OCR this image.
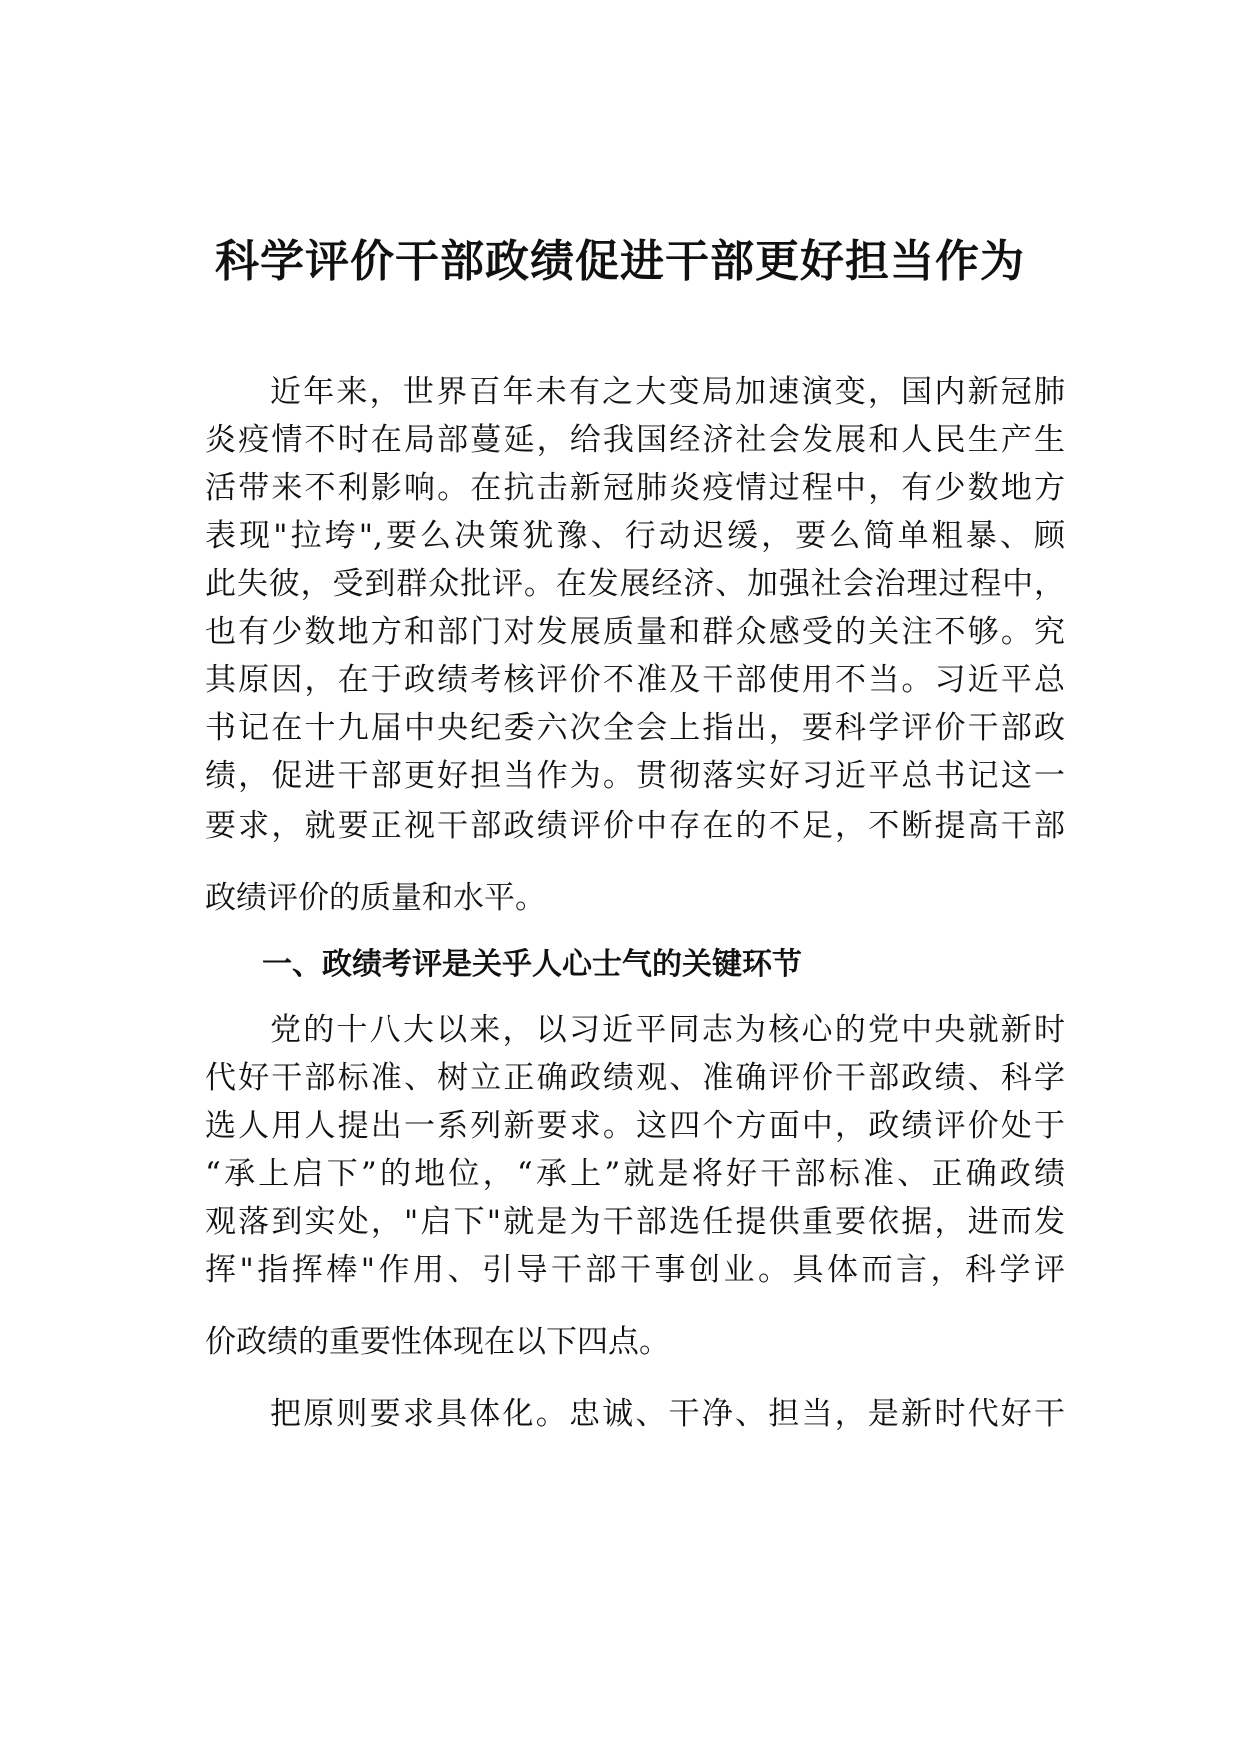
科学评价干部政绩促进干部更好担当作为

近年来，世界百年未有之大变局加速演变，国内新冠肺

炎疫情不时在局部蔓延，给我国经济社会发展和人民生产生

活带来不利影响。在抗击新冠肺炎疫情过程中，有少数地方

表现"拉垮",要么决策犹豫、行动迟缓，要么简单粗暴、顾

此失彼，受到群众批评。在发展经济、加强社会治理过程中，

也有少数地方和部门对发展质量和群众感受的关注不够。究

其原因，在于政绩考核评价不准及干部使用不当。习近平总

书记在十九届中央纪委六次全会上指出，要科学评价干部政

绩，促进干部更好担当作为。贯彻落实好习近平总书记这一

要求，就要正视干部政绩评价中存在的不足，不断提高干部

政绩评价的质量和水平。

一、政绩考评是关乎人心士气的关键环节

党的十八大以来，以习近平同志为核心的党中央就新时

代好干部标准、树立正确政绩观、准确评价干部政绩、科学

选人用人提出一系列新要求。这四个方面中，政绩评价处于

“承上启下”的地位，“承上”就是将好干部标准、正确政绩

观落到实处，"启下"就是为干部选任提供重要依据，进而发

挥"指挥棒"作用、引导干部干事创业。具体而言，科学评

价政绩的重要性体现在以下四点。

把原则要求具体化。忠诚、干净、担当，是新时代好干
